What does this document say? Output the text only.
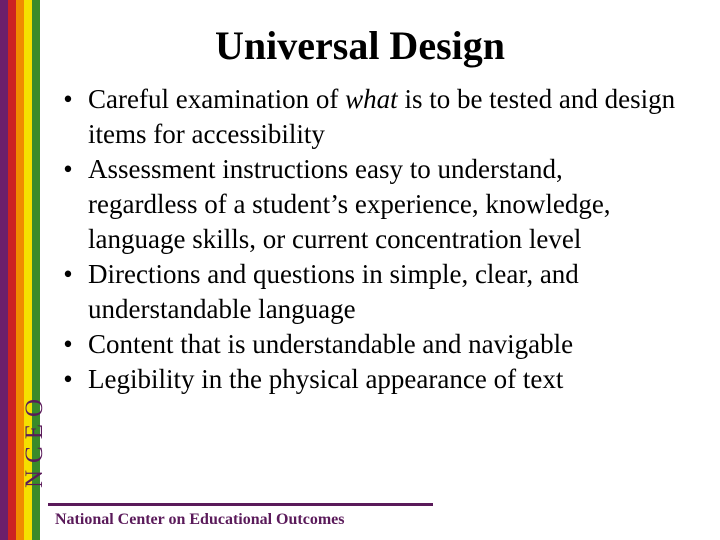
NCEO
Universal Design
• Careful examination of what is to be tested and design items for accessibility
• Assessment instructions easy to understand, regardless of a student’s experience, knowledge, language skills, or current concentration level
• Directions and questions in simple, clear, and understandable language
• Content that is understandable and navigable
• Legibility in the physical appearance of text
National Center on Educational Outcomes
